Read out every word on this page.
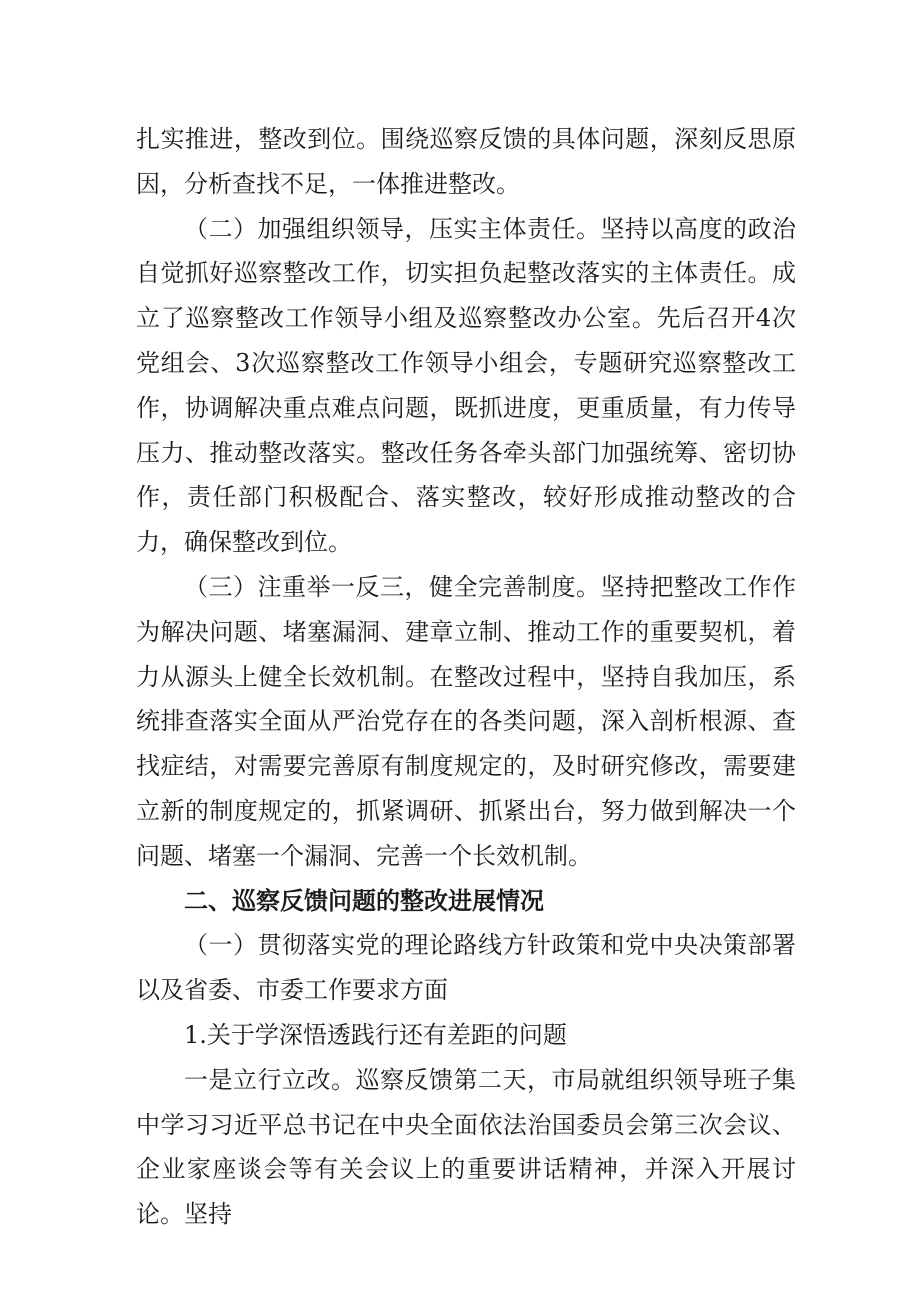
扎实推进，整改到位。围绕巡察反馈的具体问题，深刻反思原因，分析查找不足，一体推进整改。

（二）加强组织领导，压实主体责任。坚持以高度的政治自觉抓好巡察整改工作，切实担负起整改落实的主体责任。成立了巡察整改工作领导小组及巡察整改办公室。先后召开4次党组会、3次巡察整改工作领导小组会，专题研究巡察整改工作，协调解决重点难点问题，既抓进度，更重质量，有力传导压力、推动整改落实。整改任务各牵头部门加强统筹、密切协作，责任部门积极配合、落实整改，较好形成推动整改的合力，确保整改到位。

（三）注重举一反三，健全完善制度。坚持把整改工作作为解决问题、堵塞漏洞、建章立制、推动工作的重要契机，着力从源头上健全长效机制。在整改过程中，坚持自我加压，系统排查落实全面从严治党存在的各类问题，深入剖析根源、查找症结，对需要完善原有制度规定的，及时研究修改，需要建立新的制度规定的，抓紧调研、抓紧出台，努力做到解决一个问题、堵塞一个漏洞、完善一个长效机制。

二、巡察反馈问题的整改进展情况

（一）贯彻落实党的理论路线方针政策和党中央决策部署以及省委、市委工作要求方面

1.关于学深悟透践行还有差距的问题

一是立行立改。巡察反馈第二天，市局就组织领导班子集中学习习近平总书记在中央全面依法治国委员会第三次会议、企业家座谈会等有关会议上的重要讲话精神，并深入开展讨论。坚持
